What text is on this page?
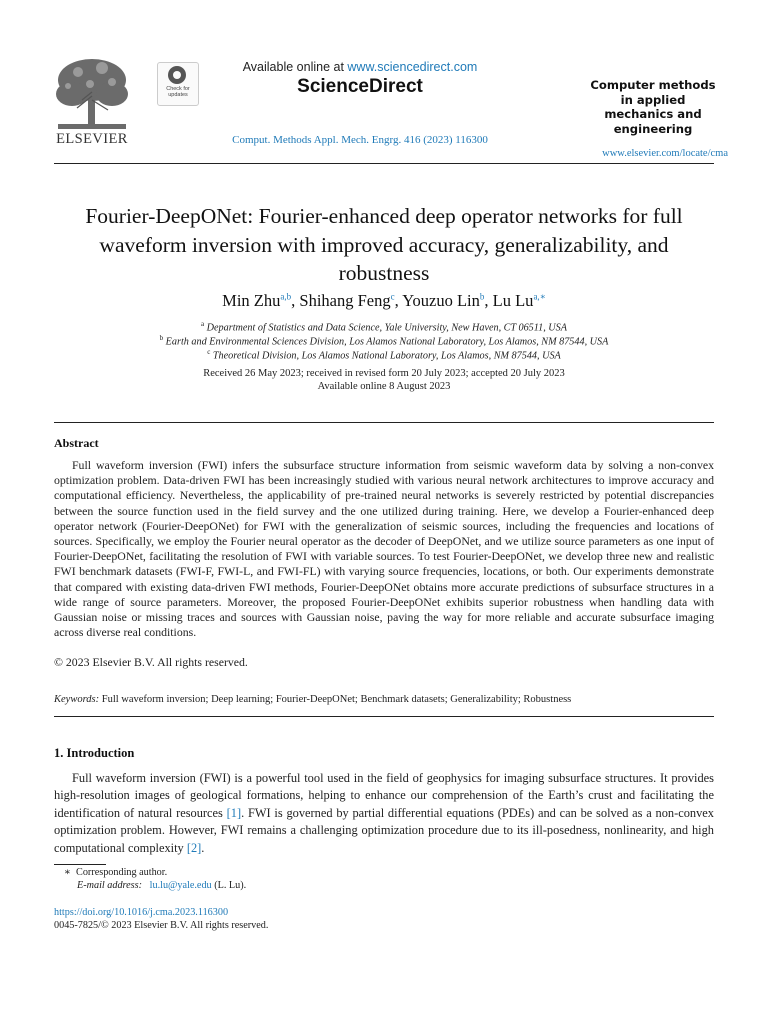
ELSEVIER
Check for updates
Available online at www.sciencedirect.com
ScienceDirect
Comput. Methods Appl. Mech. Engrg. 416 (2023) 116300
Computer methods
in applied
mechanics and
engineering
www.elsevier.com/locate/cma
Fourier-DeepONet: Fourier-enhanced deep operator networks for full waveform inversion with improved accuracy, generalizability, and robustness
Min Zhu$^{a,b}$, Shihang Feng$^c$, Youzuo Lin$^b$, Lu $Lu^{a,∗}$
$^a$ Department of Statistics and Data Science, Yale University, New Haven, CT 06511, USA
$^b$ Earth and Environmental Sciences Division, Los Alamos National Laboratory, Los Alamos, NM 87544, USA
$^c$ Theoretical Division, Los Alamos National Laboratory, Los Alamos, NM 87544, USA
Received 26 May 2023; received in revised form 20 July 2023; accepted 20 July 2023
Available online 8 August 2023
Abstract

Full waveform inversion (FWI) infers the subsurface structure information from seismic waveform data by solving a non-convex optimization problem. Data-driven FWI has been increasingly studied with various neural network architectures to improve accuracy and computational efficiency. Nevertheless, the applicability of pre-trained neural networks is severely restricted by potential discrepancies between the source function used in the field survey and the one utilized during training. Here, we develop a Fourier-enhanced deep operator network (Fourier-DeepONet) for FWI with the generalization of seismic sources, including the frequencies and locations of sources. Specifically, we employ the Fourier neural operator as the decoder of DeepONet, and we utilize source parameters as one input of Fourier-DeepONet, facilitating the resolution of FWI with variable sources. To test Fourier-DeepONet, we develop three new and realistic FWI benchmark datasets (FWI-F, FWI-L, and FWI-FL) with varying source frequencies, locations, or both. Our experiments demonstrate that compared with existing data-driven FWI methods, Fourier-DeepONet obtains more accurate predictions of subsurface structures in a wide range of source parameters. Moreover, the proposed Fourier-DeepONet exhibits superior robustness when handling data with Gaussian noise or missing traces and sources with Gaussian noise, paving the way for more reliable and accurate subsurface imaging across diverse real conditions.

© 2023 Elsevier B.V. All rights reserved.
Keywords: Full waveform inversion; Deep learning; Fourier-DeepONet; Benchmark datasets; Generalizability; Robustness
1. Introduction

Full waveform inversion (FWI) is a powerful tool used in the field of geophysics for imaging subsurface structures. It provides high-resolution images of geological formations, helping to enhance our comprehension of the Earth’s crust and facilitating the identification of natural resources [1]. FWI is governed by partial differential equations (PDEs) and can be solved as a non-convex optimization problem. However, FWI remains a challenging optimization procedure due to its ill-posedness, nonlinearity, and high computational complexity [2].

∗ Corresponding author.
E-mail address: lu.lu@yale.edu (L. Lu).
https://doi.org/10.1016/j.cma.2023.116300
0045-7825/© 2023 Elsevier B.V. All rights reserved.
